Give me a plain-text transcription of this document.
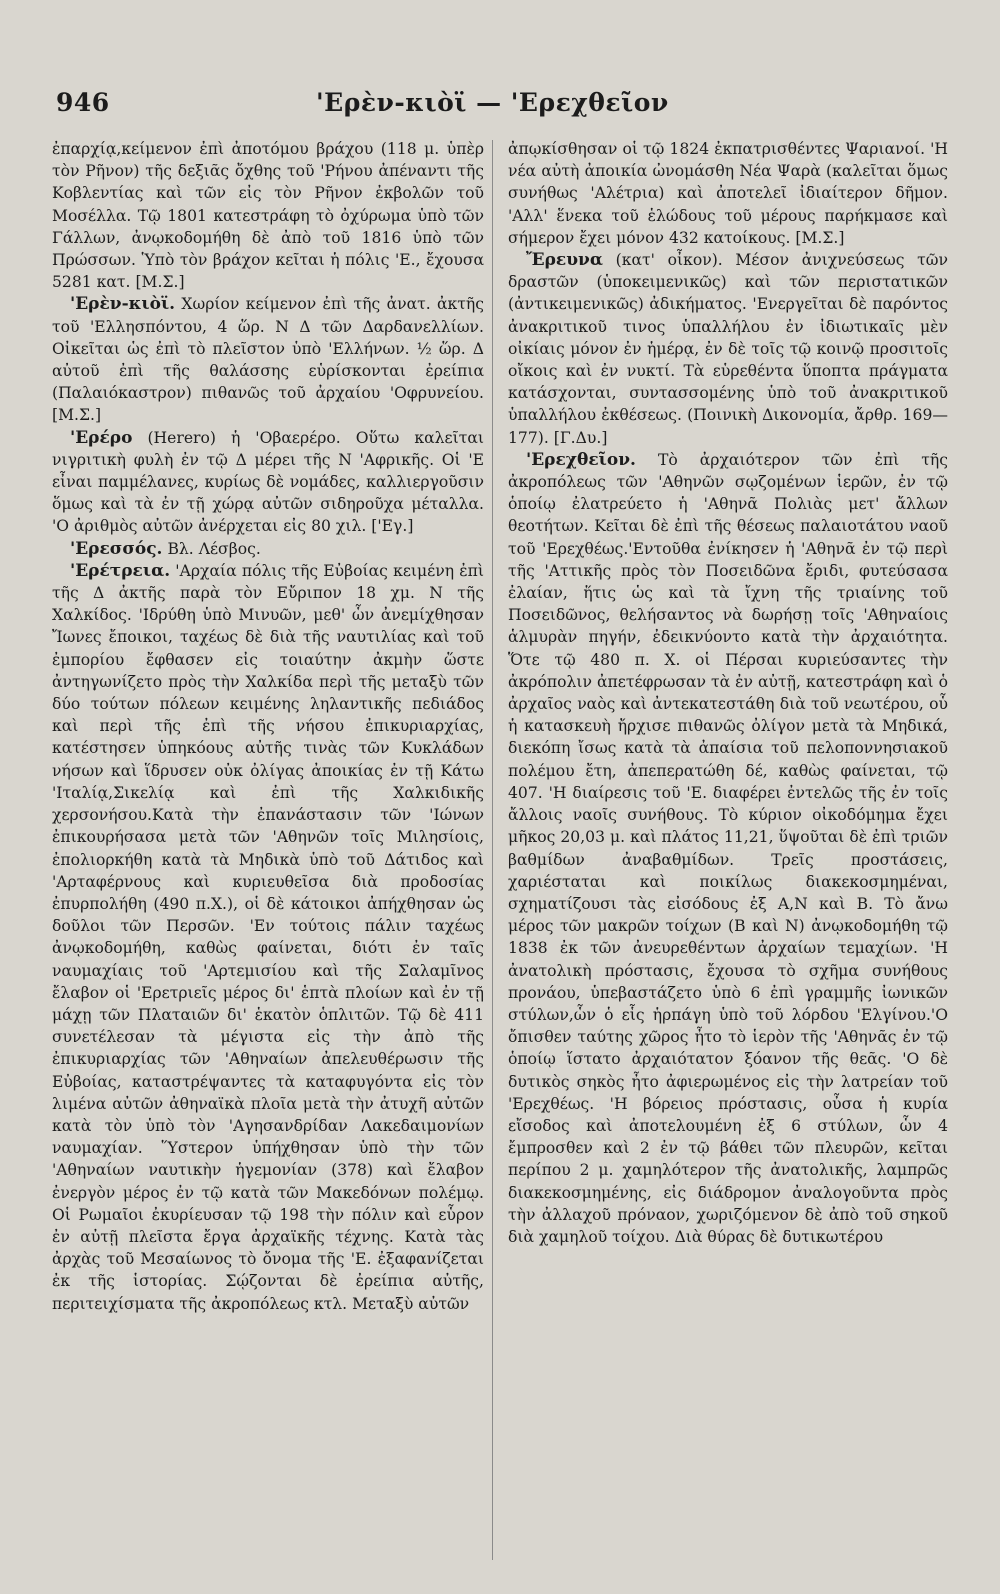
946	'Ερὲν-κιὸϊ — 'Ερεχθεῖον

ἐπαρχίᾳ,κείμενον ἐπὶ ἀποτόμου βράχου (118 μ. ὑπὲρ τὸν Ρῆνον) τῆς δεξιᾶς ὄχθης τοῦ 'Ρήνου ἀπέναντι τῆς Κοβλεντίας καὶ τῶν εἰς τὸν Ρῆνον ἐκβολῶν τοῦ Μοσέλλα. Τῷ 1801 κατεστράφη τὸ ὀχύρωμα ὑπὸ τῶν Γάλλων, ἀνῳκοδομήθη δὲ ἀπὸ τοῦ 1816 ὑπὸ τῶν Πρώσσων. Ὑπὸ τὸν βράχον κεῖται ἡ πόλις 'Ε., ἔχουσα 5281 κατ. [Μ.Σ.]

'Ερὲν-κιὸϊ. Χωρίον κείμενον ἐπὶ τῆς ἀνατ. ἀκτῆς τοῦ 'Ελλησπόντου, 4 ὥρ. Ν Δ τῶν Δαρδανελλίων. Οἰκεῖται ὡς ἐπὶ τὸ πλεῖστον ὑπὸ 'Ελλήνων. ½ ὥρ. Δ αὐτοῦ ἐπὶ τῆς θαλάσσης εὑρίσκονται ἐρείπια (Παλαιόκαστρον) πιθανῶς τοῦ ἀρχαίου 'Οφρυνείου.[Μ.Σ.]

'Ερέρο (Herero) ἡ 'Οβαερέρο. Οὕτω καλεῖται νιγριτικὴ φυλὴ ἐν τῷ Δ μέρει τῆς Ν 'Αφρικῆς. Οἱ 'Ε εἶναι παμμέλανες, κυρίως δὲ νομάδες, καλλιεργοῦσιν ὅμως καὶ τὰ ἐν τῇ χώρᾳ αὐτῶν σιδηροῦχα μέταλλα. 'Ο ἀριθμὸς αὐτῶν ἀνέρχεται εἰς 80 χιλ. ['Εγ.]

'Ερεσσός. Βλ. Λέσβος.

'Ερέτρεια. 'Αρχαία πόλις τῆς Εὐβοίας κειμένη ἐπὶ τῆς Δ ἀκτῆς παρὰ τὸν Εὔριπον 18 χμ. Ν τῆς Χαλκίδος. 'Ιδρύθη ὑπὸ Μινυῶν, μεθ' ὧν ἀνεμίχθησαν Ἴωνες ἔποικοι, ταχέως δὲ διὰ τῆς ναυτιλίας καὶ τοῦ ἐμπορίου ἔφθασεν εἰς τοιαύτην ἀκμὴν ὥστε ἀντηγωνίζετο πρὸς τὴν Χαλκίδα περὶ τῆς μεταξὺ τῶν δύο τούτων πόλεων κειμένης ληλαντικῆς πεδιάδος καὶ περὶ τῆς ἐπὶ τῆς νήσου ἐπικυριαρχίας, κατέστησεν ὑπηκόους αὐτῆς τινὰς τῶν Κυκλάδων νήσων καὶ ἵδρυσεν οὐκ ὀλίγας ἀποικίας ἐν τῇ Κάτω 'Ιταλίᾳ,Σικελίᾳ καὶ ἐπὶ τῆς Χαλκιδικῆς χερσονήσου.Κατὰ τὴν ἐπανάστασιν τῶν 'Ιώνων ἐπικουρήσασα μετὰ τῶν 'Αθηνῶν τοῖς Μιλησίοις, ἐπολιορκήθη κατὰ τὰ Μηδικὰ ὑπὸ τοῦ Δάτιδος καὶ 'Αρταφέρνους καὶ κυριευθεῖσα διὰ προδοσίας ἐπυρπολήθη (490 π.Χ.), οἱ δὲ κάτοικοι ἀπήχθησαν ὡς δοῦλοι τῶν Περσῶν. 'Εν τούτοις πάλιν ταχέως ἀνῳκοδομήθη, καθὼς φαίνεται, διότι ἐν ταῖς ναυμαχίαις τοῦ 'Αρτεμισίου καὶ τῆς Σαλαμῖνος ἔλαβον οἱ 'Ερετριεῖς μέρος δι' ἑπτὰ πλοίων καὶ ἐν τῇ μάχῃ τῶν Πλαταιῶν δι' ἑκατὸν ὁπλιτῶν. Τῷ δὲ 411 συνετέλεσαν τὰ μέγιστα εἰς τὴν ἀπὸ τῆς ἐπικυριαρχίας τῶν 'Αθηναίων ἀπελευθέρωσιν τῆς Εὐβοίας, καταστρέψαντες τὰ καταφυγόντα εἰς τὸν λιμένα αὐτῶν ἀθηναϊκὰ πλοῖα μετὰ τὴν ἀτυχῆ αὐτῶν κατὰ τὸν ὑπὸ τὸν 'Αγησανδρίδαν Λακεδαιμονίων ναυμαχίαν. Ὕστερον ὑπήχθησαν ὑπὸ τὴν τῶν 'Αθηναίων ναυτικὴν ἡγεμονίαν (378) καὶ ἔλαβον ἐνεργὸν μέρος ἐν τῷ κατὰ τῶν Μακεδόνων πολέμῳ. Οἱ Ρωμαῖοι ἐκυρίευσαν τῷ 198 τὴν πόλιν καὶ εὗρον ἐν αὐτῇ πλεῖστα ἔργα ἀρχαϊκῆς τέχνης. Κατὰ τὰς ἀρχὰς τοῦ Μεσαίωνος τὸ ὄνομα τῆς 'Ε. ἐξαφανίζεται ἐκ τῆς ἱστορίας. Σῴζονται δὲ ἐρείπια αὐτῆς, περιτειχίσματα τῆς ἀκροπόλεως κτλ. Μεταξὺ αὐτῶν

ἀπῳκίσθησαν οἱ τῷ 1824 ἐκπατρισθέντες Ψαριανοί. 'Η νέα αὐτὴ ἀποικία ὠνομάσθη Νέα Ψαρὰ (καλεῖται ὅμως συνήθως 'Αλέτρια) καὶ ἀποτελεῖ ἰδιαίτερον δῆμον. 'Αλλ' ἕνεκα τοῦ ἑλώδους τοῦ μέρους παρήκμασε καὶ σήμερον ἔχει μόνον 432 κατοίκους. [Μ.Σ.]

Ἔρευνα (κατ' οἶκον). Μέσον ἀνιχνεύσεως τῶν δραστῶν (ὑποκειμενικῶς) καὶ τῶν περιστατικῶν (ἀντικειμενικῶς) ἀδικήματος. 'Ενεργεῖται δὲ παρόντος ἀνακριτικοῦ τινος ὑπαλλήλου ἐν ἰδιωτικαῖς μὲν οἰκίαις μόνον ἐν ἡμέρᾳ, ἐν δὲ τοῖς τῷ κοινῷ προσιτοῖς οἴκοις καὶ ἐν νυκτί. Τὰ εὑρεθέντα ὕποπτα πράγματα κατάσχονται, συντασσομένης ὑπὸ τοῦ ἀνακριτικοῦ ὑπαλλήλου ἐκθέσεως. (Ποινικὴ Δικονομία, ἄρθρ. 169—177). [Γ.Δυ.]

'Ερεχθεῖον. Τὸ ἀρχαιότερον τῶν ἐπὶ τῆς ἀκροπόλεως τῶν 'Αθηνῶν σῳζομένων ἱερῶν, ἐν τῷ ὁποίῳ ἐλατρεύετο ἡ 'Αθηνᾶ Πολιὰς μετ' ἄλλων θεοτήτων. Κεῖται δὲ ἐπὶ τῆς θέσεως παλαιοτάτου ναοῦ τοῦ 'Ερεχθέως.'Εντοῦθα ἐνίκησεν ἡ 'Αθηνᾶ ἐν τῷ περὶ τῆς 'Αττικῆς πρὸς τὸν Ποσειδῶνα ἔριδι, φυτεύσασα ἐλαίαν, ἥτις ὡς καὶ τὰ ἴχνη τῆς τριαίνης τοῦ Ποσειδῶνος, θελήσαντος νὰ δωρήσῃ τοῖς 'Αθηναίοις ἁλμυρὰν πηγήν, ἐδεικνύοντο κατὰ τὴν ἀρχαιότητα. Ὅτε τῷ 480 π. Χ. οἱ Πέρσαι κυριεύσαντες τὴν ἀκρόπολιν ἀπετέφρωσαν τὰ ἐν αὐτῇ, κατεστράφη καὶ ὁ ἀρχαῖος ναὸς καὶ ἀντεκατεστάθη διὰ τοῦ νεωτέρου, οὗ ἡ κατασκευὴ ἤρχισε πιθανῶς ὀλίγον μετὰ τὰ Μηδικά, διεκόπη ἴσως κατὰ τὰ ἀπαίσια τοῦ πελοποννησιακοῦ πολέμου ἔτη, ἀπεπερατώθη δέ, καθὼς φαίνεται, τῷ 407. 'Η διαίρεσις τοῦ 'Ε. διαφέρει ἐντελῶς τῆς ἐν τοῖς ἄλλοις ναοῖς συνήθους. Τὸ κύριον οἰκοδόμημα ἔχει μῆκος 20,03 μ. καὶ πλάτος 11,21, ὕψοῦται δὲ ἐπὶ τριῶν βαθμίδων ἀναβαθμίδων. Τρεῖς προστάσεις, χαριέσταται καὶ ποικίλως διακεκοσμημέναι, σχηματίζουσι τὰς εἰσόδους ἐξ Α,Ν καὶ Β. Τὸ ἄνω μέρος τῶν μακρῶν τοίχων (Β καὶ Ν) ἀνῳκοδομήθη τῷ 1838 ἐκ τῶν ἀνευρεθέντων ἀρχαίων τεμαχίων. 'Η ἀνατολικὴ πρόστασις, ἔχουσα τὸ σχῆμα συνήθους προνάου, ὑπεβαστάζετο ὑπὸ 6 ἐπὶ γραμμῆς ἰωνικῶν στύλων,ὧν ὁ εἷς ἡρπάγη ὑπὸ τοῦ λόρδου 'Ελγίνου.'Ο ὄπισθεν ταύτης χῶρος ἦτο τὸ ἱερὸν τῆς 'Αθηνᾶς ἐν τῷ ὁποίῳ ἵστατο ἀρχαιότατον ξόανον τῆς θεᾶς. 'Ο δὲ δυτικὸς σηκὸς ἦτο ἀφιερωμένος εἰς τὴν λατρείαν τοῦ 'Ερεχθέως. 'Η βόρειος πρόστασις, οὖσα ἡ κυρία εἴσοδος καὶ ἀποτελουμένη ἐξ 6 στύλων, ὧν 4 ἔμπροσθεν καὶ 2 ἐν τῷ βάθει τῶν πλευρῶν, κεῖται περίπου 2 μ. χαμηλότερον τῆς ἀνατολικῆς, λαμπρῶς διακεκοσμημένης, εἰς διάδρομον ἀναλογοῦντα πρὸς τὴν ἀλλαχοῦ πρόναον, χωριζόμενον δὲ ἀπὸ τοῦ σηκοῦ διὰ χαμηλοῦ τοίχου. Διὰ θύρας δὲ δυτικωτέρου
